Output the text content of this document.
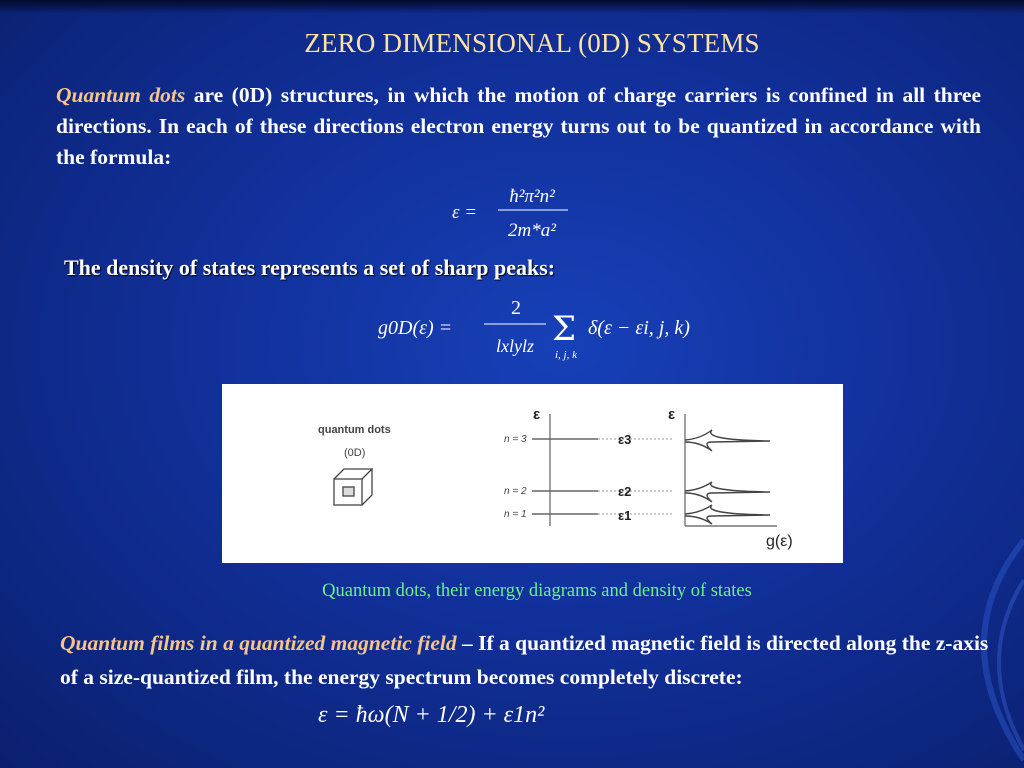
ZERO DIMENSIONAL (0D) SYSTEMS
Quantum dots are (0D) structures, in which the motion of charge carriers is confined in all three directions. In each of these directions electron energy turns out to be quantized in accordance with the formula:
ε =
ħ²π²n²
2m*a²
The density of states represents a set of sharp peaks:
g0D(ε) =
2
lxlylz Σ
i, j, k
δ(ε − εi, j, k)
quantum dots
(0D)
ε	ε
g(ε)
n = 3	ε3
n = 2	ε2
n = 1	ε1
Quantum dots, their energy diagrams and density of states
Quantum films in a quantized magnetic field – If a quantized magnetic field is directed along the z-axis of a size-quantized film, the energy spectrum becomes completely discrete:
ε = ħω(N + 1/2) + ε1n²
